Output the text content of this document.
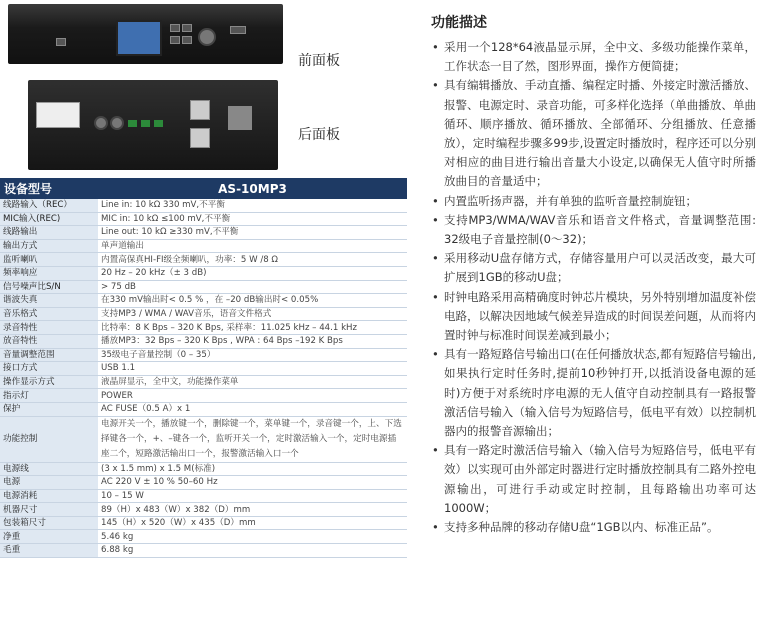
前面板
后面板
设备型号	AS-10MP3
线路输入（REC）	Line in: 10 kΩ 330 mV,不平衡
MIC输入(REC)	MIC in: 10 kΩ ≤100 mV,不平衡
线路输出	Line out: 10 kΩ ≥330 mV,不平衡
输出方式	单声道输出
监听喇叭	内置高保真HI-FI级全频喇叭，功率：5 W /8 Ω
频率响应	20 Hz – 20 kHz（± 3 dB)
信号噪声比S/N	> 75 dB
谐波失真	在330 mV输出时< 0.5 % ，在 –20 dB输出时< 0.05%
音乐格式	支持MP3 / WMA / WAV音乐，语音文件格式
录音特性	比特率：8 K Bps – 320 K Bps, 采样率：11.025 kHz – 44.1 kHz
放音特性	播放MP3：32 Bps – 320 K Bps , WPA : 64 Bps –192 K Bps
音量调整范围	35级电子音量控制（0 – 35）
接口方式	USB 1.1
操作显示方式	液晶屏显示，全中文，功能操作菜单
指示灯	POWER
保护	AC FUSE（0.5 A）x 1
功能控制	电源开关一个，播放键一个，删除键一个，菜单键一个，录音键一个，上、下选择键各一个，+、–键各一个，监听开关一个，定时激活输入一个，定时电源插座二个，短路激活输出口一个，报警激活输入口一个
电源线	(3 x 1.5 mm) x 1.5 M(标准)
电源	AC 220 V ± 10 % 50–60 Hz
电源消耗	10 – 15 W
机器尺寸	89（H）x 483（W）x 382（D）mm
包装箱尺寸	145（H）x 520（W）x 435（D）mm
净重	5.46 kg
毛重	6.88 kg
功能描述
• 采用一个128*64液晶显示屏，全中文、多级功能操作菜单，工作状态一目了然，图形界面，操作方便简捷；
• 具有编辑播放、手动直播、编程定时播、外接定时激活播放、报警、电源定时、录音功能，可多样化选择（单曲播放、单曲循环、顺序播放、循环播放、全部循环、分组播放、任意播放），定时编程步骤多99步,设置定时播放时，程序还可以分别对相应的曲目进行输出音量大小设定,以确保无人值守时所播放曲目的音量适中；
• 内置监听扬声器，并有单独的监听音量控制旋钮；
• 支持MP3/WMA/WAV音乐和语音文件格式，音量调整范围: 32级电子音量控制(0～32)；
• 采用移动U盘存储方式，存储容量用户可以灵活改变，最大可扩展到1GB的移动U盘；
• 时钟电路采用高精确度时钟芯片模块，另外特别增加温度补偿电路，以解决因地域气候差异造成的时间误差问题，从而将内置时钟与标准时间误差减到最小；
• 具有一路短路信号输出口(在任何播放状态,都有短路信号输出,如果执行定时任务时,提前10秒钟打开,以抵消设备电源的延时)方便于对系统时序电源的无人值守自动控制具有一路报警激活信号输入（输入信号为短路信号，低电平有效）以控制机器内的报警音源输出；
• 具有一路定时激活信号输入（输入信号为短路信号，低电平有效）以实现可由外部定时器进行定时播放控制具有二路外控电源输出，可进行手动或定时控制，且每路输出功率可达1000W；
• 支持多种品牌的移动存储U盘“1GB以内、标准正品”。
